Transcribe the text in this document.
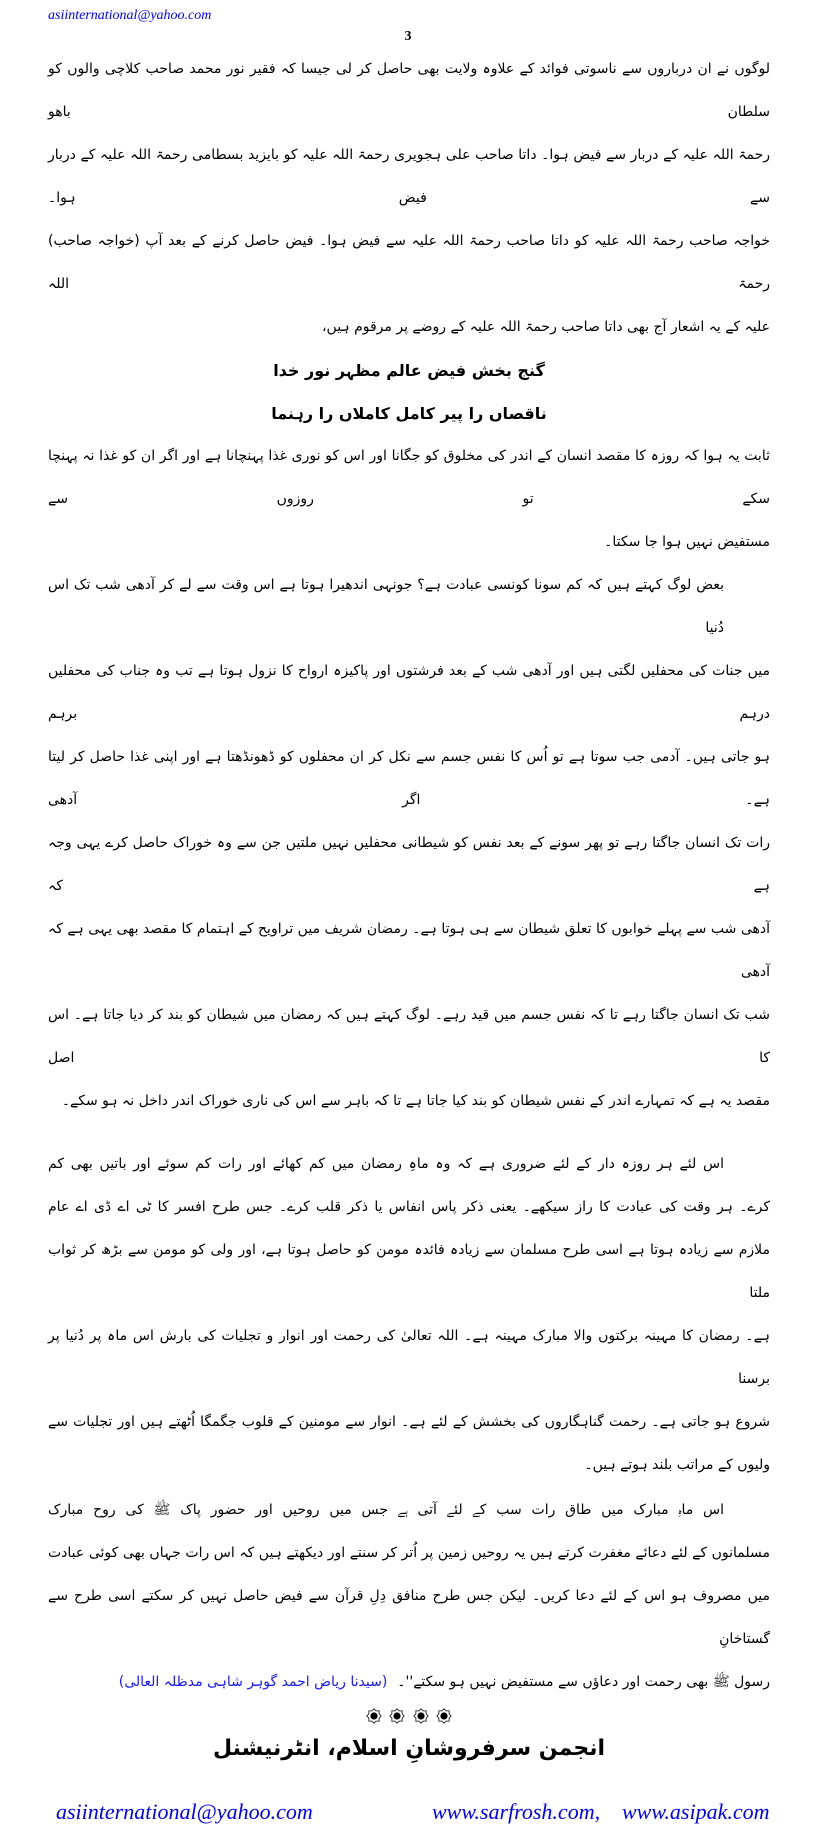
asiinternational@yahoo.com
3
لوگوں نے ان درباروں سے ناسوتی فوائد کے علاوہ ولایت بھی حاصل کر لی جیسا کہ فقیر نور محمد صاحب کلاچی والوں کو سلطان باھو
رحمۃ اللہ علیہ کے دربار سے فیض ہوا۔ داتا صاحب علی ہجویری رحمۃ اللہ علیہ کو بایزید بسطامی رحمۃ اللہ علیہ کے دربار سے فیض ہوا۔
خواجہ صاحب رحمۃ اللہ علیہ کو داتا صاحب رحمۃ اللہ علیہ سے فیض ہوا۔ فیض حاصل کرنے کے بعد آپ (خواجہ صاحب) رحمۃ اللہ
علیہ کے یہ اشعار آج بھی داتا صاحب رحمۃ اللہ علیہ کے روضے پر مرقوم ہیں،
گنج بخش فیض عالم مظہر نور خدا
ناقصاں را پیر کامل کاملاں را رہنما
ثابت یہ ہوا کہ روزہ کا مقصد انسان کے اندر کی مخلوق کو جگانا اور اس کو نوری غذا پہنچانا ہے اور اگر ان کو غذا نہ پہنچا سکے تو روزوں سے
مستفیض نہیں ہوا جا سکتا۔
بعض لوگ کہتے ہیں کہ کم سونا کونسی عبادت ہے؟ جونہی اندھیرا ہوتا ہے اس وقت سے لے کر آدھی شب تک اس دُنیا
میں جنات کی محفلیں لگتی ہیں اور آدھی شب کے بعد فرشتوں اور پاکیزہ ارواح کا نزول ہوتا ہے تب وہ جناب کی محفلیں درہم برہم
ہو جاتی ہیں۔ آدمی جب سوتا ہے تو اُس کا نفس جسم سے نکل کر ان محفلوں کو ڈھونڈھتا ہے اور اپنی غذا حاصل کر لیتا ہے۔ اگر آدھی
رات تک انسان جاگتا رہے تو پھر سونے کے بعد نفس کو شیطانی محفلیں نہیں ملتیں جن سے وہ خوراک حاصل کرے یہی وجہ ہے کہ
آدھی شب سے پہلے خوابوں کا تعلق شیطان سے ہی ہوتا ہے۔ رمضان شریف میں تراویح کے اہتمام کا مقصد بھی یہی ہے کہ آدھی
شب تک انسان جاگتا رہے تا کہ نفس جسم میں قید رہے۔ لوگ کہتے ہیں کہ رمضان میں شیطان کو بند کر دیا جاتا ہے۔ اس کا اصل
مقصد یہ ہے کہ تمہارے اندر کے نفس شیطان کو بند کیا جاتا ہے تا کہ باہر سے اس کی ناری خوراک اندر داخل نہ ہو سکے۔
اس لئے ہر روزہ دار کے لئے ضروری ہے کہ وہ ماہِ رمضان میں کم کھائے اور رات کم سوئے اور باتیں بھی کم
کرے۔ ہر وقت کی عبادت کا راز سیکھے۔ یعنی ذکر پاس انفاس یا ذکر قلب کرے۔ جس طرح افسر کا ٹی اے ڈی اے عام
ملازم سے زیادہ ہوتا ہے اسی طرح مسلمان سے زیادہ فائدہ مومن کو حاصل ہوتا ہے، اور ولی کو مومن سے بڑھ کر ثواب ملتا
ہے۔ رمضان کا مہینہ برکتوں والا مبارک مہینہ ہے۔ اللہ تعالیٰ کی رحمت اور انوار و تجلیات کی بارش اس ماہ پر دُنیا پر برسنا
شروع ہو جاتی ہے۔ رحمت گناہگاروں کی بخشش کے لئے ہے۔ انوار سے مومنین کے قلوب جگمگا اُٹھتے ہیں اور تجلیات سے
ولیوں کے مراتب بلند ہوتے ہیں۔
اس ماہِ مبارک میں طاق رات سب کے لئے آتی ہے جس میں روحیں اور حضور پاک ﷺ کی روح مبارک
مسلمانوں کے لئے دعائے مغفرت کرتے ہیں یہ روحیں زمین پر اُتر کر سنتے اور دیکھتے ہیں کہ اس رات جہاں بھی کوئی عبادت
میں مصروف ہو اس کے لئے دعا کریں۔ لیکن جس طرح منافق دِلِ قرآن سے فیض حاصل نہیں کر سکتے اسی طرح سے گستاخانِ
رسول ﷺ بھی رحمت اور دعاؤں سے مستفیض نہیں ہو سکتے''۔(سیدنا ریاض احمد گوہر شاہی مدظلہ العالی)

انجمن سرفروشانِ اسلام، انٹرنیشنل
asiinternational@yahoo.com	www.sarfrosh.com, www.asipak.com
